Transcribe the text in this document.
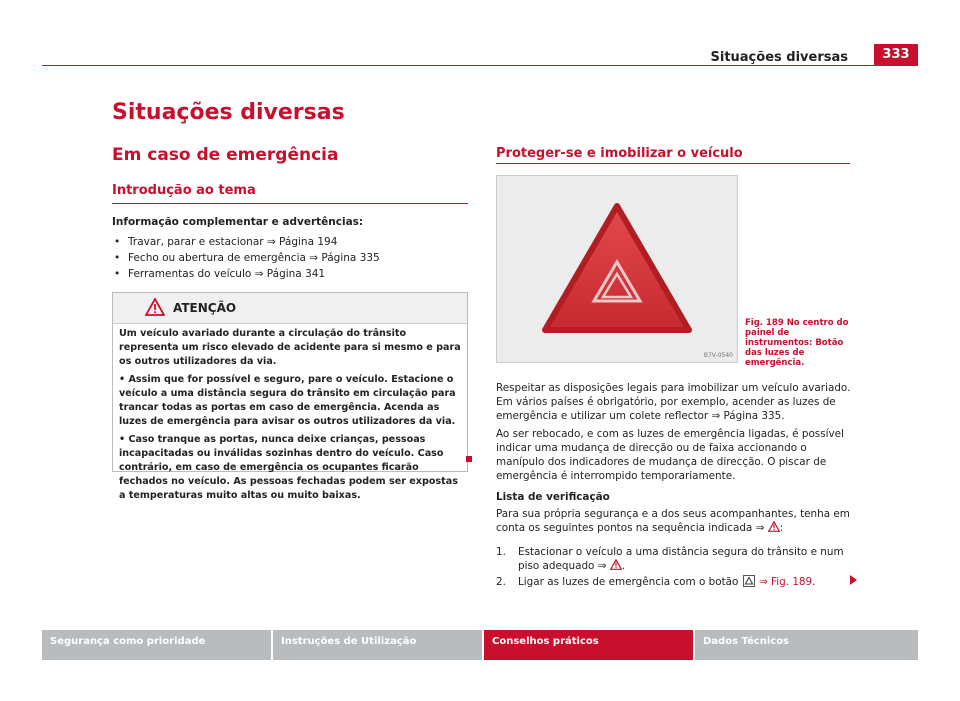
Situações diversas	333
Situações diversas
Em caso de emergência
Introdução ao tema
Informação complementar e advertências:
• Travar, parar e estacionar ⇒ Página 194
• Fecho ou abertura de emergência ⇒ Página 335
• Ferramentas do veículo ⇒ Página 341
ATENÇÃO

Um veículo avariado durante a circulação do trânsito representa um risco elevado de acidente para si mesmo e para os outros utilizadores da via.

• Assim que for possível e seguro, pare o veículo. Estacione o veículo a uma distância segura do trânsito em circulação para trancar todas as portas em caso de emergência. Acenda as luzes de emergência para avisar os outros utilizadores da via.

• Caso tranque as portas, nunca deixe crianças, pessoas incapacitadas ou inválidas sozinhas dentro do veículo. Caso contrário, em caso de emergência os ocupantes ficarão fechados no veículo. As pessoas fechadas podem ser expostas a temperaturas muito altas ou muito baixas.

Proteger-se e imobilizar o veículo
B7V-0540
Fig. 189 No centro do painel de instrumentos: Botão das luzes de emergência.
Respeitar as disposições legais para imobilizar um veículo avariado. Em vários países é obrigatório, por exemplo, acender as luzes de emergência e utilizar um colete reflector ⇒ Página 335.
Ao ser rebocado, e com as luzes de emergência ligadas, é possível indicar uma mudança de direcção ou de faixa accionando o manípulo dos indicadores de mudança de direcção. O piscar de emergência é interrompido temporariamente.
Lista de verificação
Para sua própria segurança e a dos seus acompanhantes, tenha em conta os seguintes pontos na sequência indicada ⇒ :
1. Estacionar o veículo a uma distância segura do trânsito e num piso adequado ⇒ .
2. Ligar as luzes de emergência com o botão ⇒ Fig. 189.
Segurança como prioridade	Instruções de Utilização	Conselhos práticos	Dados Técnicos
